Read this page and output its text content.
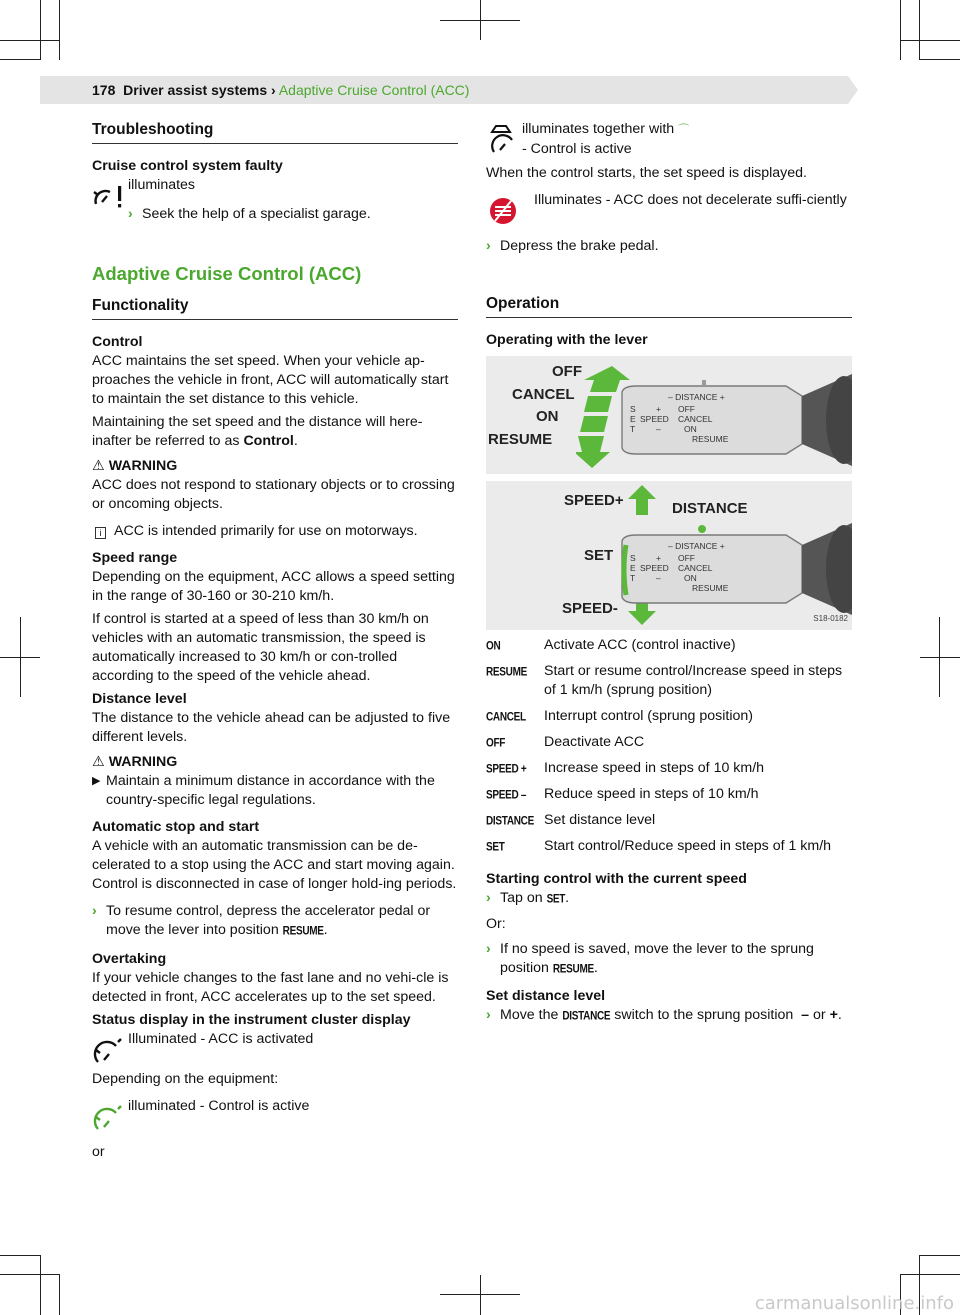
178 Driver assist systems › Adaptive Cruise Control (ACC)
Troubleshooting
Cruise control system faulty
illuminates
› Seek the help of a specialist garage.
Adaptive Cruise Control (ACC)
Functionality
Control
ACC maintains the set speed. When your vehicle ap-proaches the vehicle in front, ACC will automatically start to maintain the set distance to this vehicle.
Maintaining the set speed and the distance will here-inafter be referred to as Control.
⚠ WARNING
ACC does not respond to stationary objects or to crossing or oncoming objects.
i ACC is intended primarily for use on motorways.
Speed range
Depending on the equipment, ACC allows a speed setting in the range of 30-160 or 30-210 km/h.
If control is started at a speed of less than 30 km/h on vehicles with an automatic transmission, the speed is automatically increased to 30 km/h or con-trolled according to the speed of the vehicle ahead.
Distance level
The distance to the vehicle ahead can be adjusted to five different levels.
⚠ WARNING
▶ Maintain a minimum distance in accordance with the country-specific legal regulations.
Automatic stop and start
A vehicle with an automatic transmission can be de-celerated to a stop using the ACC and start moving again. Control is disconnected in case of longer hold-ing periods.
› To resume control, depress the accelerator pedal or move the lever into position RESUME.
Overtaking
If your vehicle changes to the fast lane and no vehi-cle is detected in front, ACC accelerates up to the set speed.
Status display in the instrument cluster display
Illuminated - ACC is activated
Depending on the equipment:
illuminated - Control is active
or
illuminates together with ⌒
- Control is active
When the control starts, the set speed is displayed.
Illuminates - ACC does not decelerate suffi-ciently
› Depress the brake pedal.
Operation
Operating with the lever
OFF
CANCEL
ON
RESUME
– DISTANCE +
S
E
T
+
SPEED
–
OFF
CANCEL
ON
RESUME
SPEED+	DISTANCE
SET
SPEED-
– DISTANCE +
S
E
T
+
SPEED
–
OFF
CANCEL
ON
RESUME
S18-0182
ON	Activate ACC (control inactive)
RESUME	Start or resume control/Increase speed in steps of 1 km/h (sprung position)
CANCEL	Interrupt control (sprung position)
OFF	Deactivate ACC
SPEED +	Increase speed in steps of 10 km/h
SPEED –	Reduce speed in steps of 10 km/h
DISTANCE Set distance level
SET	Start control/Reduce speed in steps of 1 km/h
Starting control with the current speed
› Tap on SET.
Or:
› If no speed is saved, move the lever to the sprung position RESUME.
Set distance level
› Move the DISTANCE switch to the sprung position – or +.
carmanualsonline.info
